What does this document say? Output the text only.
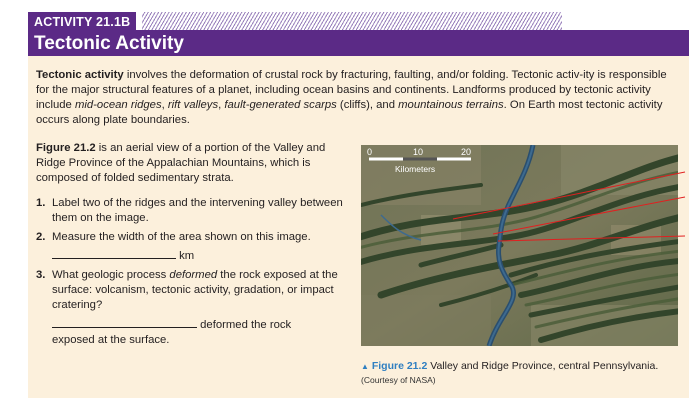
ACTIVITY 21.1B
Tectonic Activity

Tectonic activity involves the deformation of crustal rock by fracturing, faulting, and/or folding. Tectonic activ-ity is responsible for the major structural features of a planet, including ocean basins and continents. Landforms produced by tectonic activity include mid-ocean ridges, rift valleys, fault-generated scarps (cliffs), and mountainous terrains. On Earth most tectonic activity occurs along plate boundaries.

Figure 21.2 is an aerial view of a portion of the Valley and Ridge Province of the Appalachian Mountains, which is composed of folded sedimentary strata.

1. Label two of the ridges and the intervening valley between them on the image.
2. Measure the width of the area shown on this image.
km
3. What geologic process deformed the rock exposed at the surface: volcanism, tectonic activity, gradation, or impact cratering?
deformed the rock
exposed at the surface.
0	10	20
Kilometers
▲ Figure 21.2 Valley and Ridge Province, central Pennsylvania.
(Courtesy of NASA)
